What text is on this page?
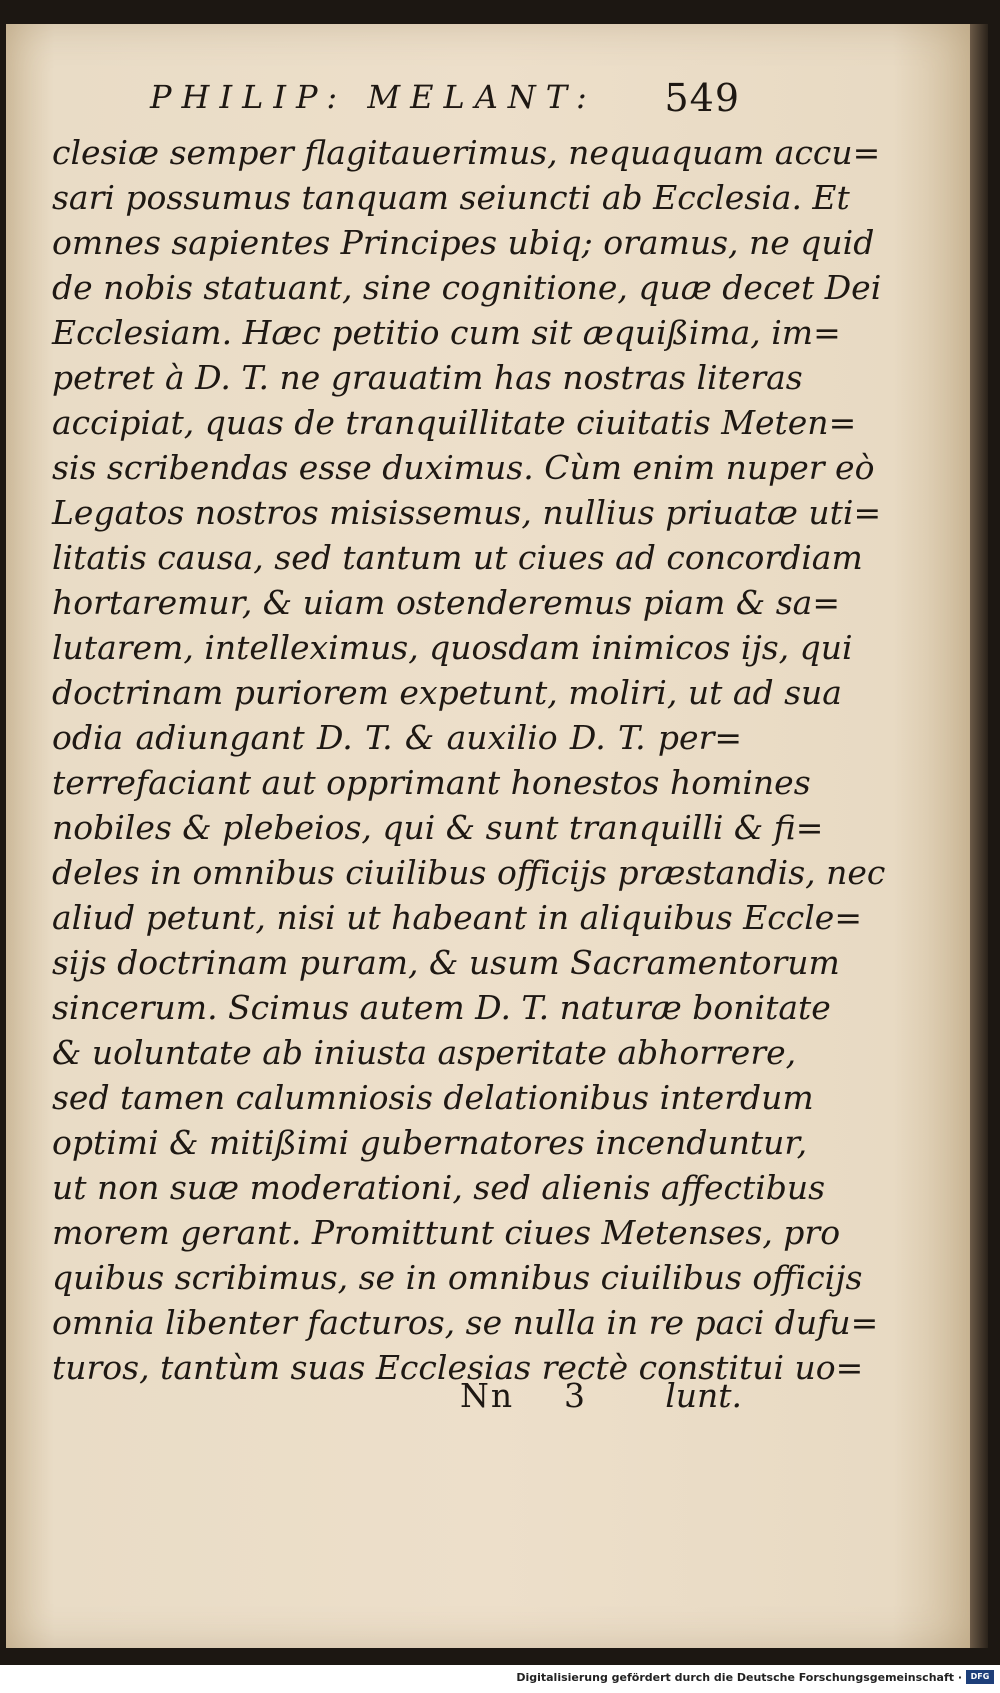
PHILIP: MELANT: 549
clesiæ semper flagitauerimus, nequaquam accu=
sari possumus tanquam seiuncti ab Ecclesia. Et
omnes sapientes Principes ubiq; oramus, ne quid
de nobis statuant, sine cognitione, quæ decet Dei
Ecclesiam. Hæc petitio cum sit æquißima, im=
petret à D. T. ne grauatim has nostras literas
accipiat, quas de tranquillitate ciuitatis Meten=
sis scribendas esse duximus. Cùm enim nuper eò
Legatos nostros misissemus, nullius priuatæ uti=
litatis causa, sed tantum ut ciues ad concordiam
hortaremur, & uiam ostenderemus piam & sa=
lutarem, intelleximus, quosdam inimicos ijs, qui
doctrinam puriorem expetunt, moliri, ut ad sua
odia adiungant D. T. & auxilio D. T. per=
terrefaciant aut opprimant honestos homines
nobiles & plebeios, qui & sunt tranquilli & fi=
deles in omnibus ciuilibus officijs præstandis, nec
aliud petunt, nisi ut habeant in aliquibus Eccle=
sijs doctrinam puram, & usum Sacramentorum
sincerum. Scimus autem D. T. naturæ bonitate
& uoluntate ab iniusta asperitate abhorrere,
sed tamen calumniosis delationibus interdum
optimi & mitißimi gubernatores incenduntur,
ut non suæ moderationi, sed alienis affectibus
morem gerant. Promittunt ciues Metenses, pro
quibus scribimus, se in omnibus ciuilibus officijs
omnia libenter facturos, se nulla in re paci dufu=
turos, tantùm suas Ecclesias rectè constitui uo=
Nn 3 lunt.
Digitalisierung gefördert durch die Deutsche Forschungsgemeinschaft ·	DFG
